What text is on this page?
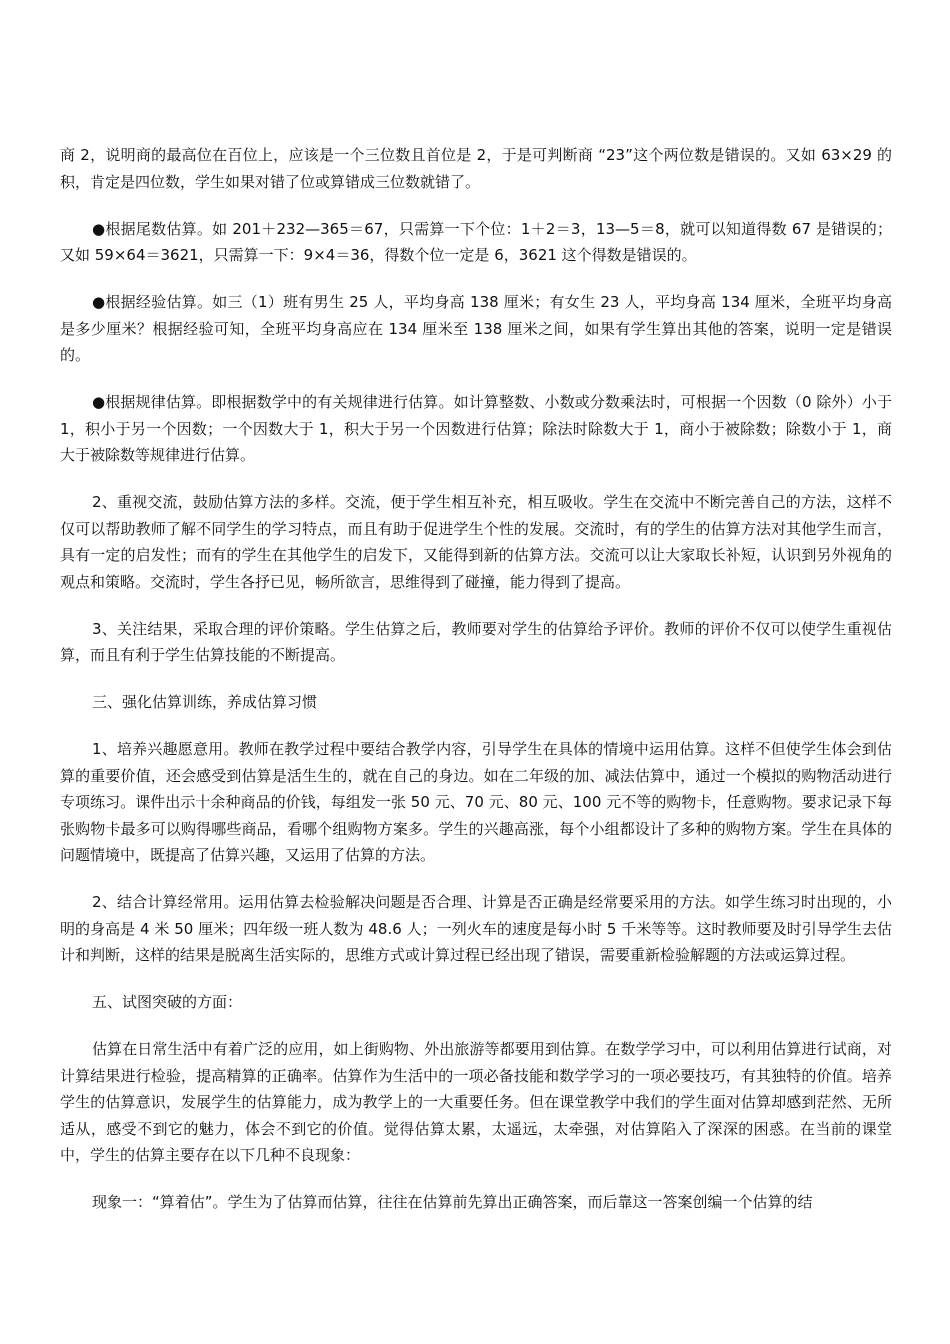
商 2，说明商的最高位在百位上，应该是一个三位数且首位是 2，于是可判断商 “23”这个两位数是错误的。又如 63×29 的积，肯定是四位数，学生如果对错了位或算错成三位数就错了。

●根据尾数估算。如 201＋232—365＝67，只需算一下个位：1＋2＝3，13—5＝8，就可以知道得数 67 是错误的；又如 59×64＝3621，只需算一下：9×4＝36，得数个位一定是 6，3621 这个得数是错误的。

●根据经验估算。如三（1）班有男生 25 人，平均身高 138 厘米；有女生 23 人，平均身高 134 厘米，全班平均身高是多少厘米？根据经验可知，全班平均身高应在 134 厘米至 138 厘米之间，如果有学生算出其他的答案，说明一定是错误的。

●根据规律估算。即根据数学中的有关规律进行估算。如计算整数、小数或分数乘法时，可根据一个因数（0 除外）小于 1，积小于另一个因数；一个因数大于 1，积大于另一个因数进行估算；除法时除数大于 1，商小于被除数；除数小于 1，商大于被除数等规律进行估算。

2、重视交流，鼓励估算方法的多样。交流，便于学生相互补充，相互吸收。学生在交流中不断完善自己的方法，这样不仅可以帮助教师了解不同学生的学习特点，而且有助于促进学生个性的发展。交流时，有的学生的估算方法对其他学生而言，具有一定的启发性；而有的学生在其他学生的启发下，又能得到新的估算方法。交流可以让大家取长补短，认识到另外视角的观点和策略。交流时，学生各抒已见，畅所欲言，思维得到了碰撞，能力得到了提高。

3、关注结果，采取合理的评价策略。学生估算之后，教师要对学生的估算给予评价。教师的评价不仅可以使学生重视估算，而且有利于学生估算技能的不断提高。

三、强化估算训练，养成估算习惯

1、培养兴趣愿意用。教师在教学过程中要结合教学内容，引导学生在具体的情境中运用估算。这样不但使学生体会到估算的重要价值，还会感受到估算是活生生的，就在自己的身边。如在二年级的加、减法估算中，通过一个模拟的购物活动进行专项练习。课件出示十余种商品的价钱，每组发一张 50 元、70 元、80 元、100 元不等的购物卡，任意购物。要求记录下每张购物卡最多可以购得哪些商品，看哪个组购物方案多。学生的兴趣高涨，每个小组都设计了多种的购物方案。学生在具体的问题情境中，既提高了估算兴趣，又运用了估算的方法。

2、结合计算经常用。运用估算去检验解决问题是否合理、计算是否正确是经常要采用的方法。如学生练习时出现的，小明的身高是 4 米 50 厘米；四年级一班人数为 48.6 人；一列火车的速度是每小时 5 千米等等。这时教师要及时引导学生去估计和判断，这样的结果是脱离生活实际的，思维方式或计算过程已经出现了错误，需要重新检验解题的方法或运算过程。

五、试图突破的方面：

估算在日常生活中有着广泛的应用，如上街购物、外出旅游等都要用到估算。在数学学习中，可以利用估算进行试商，对计算结果进行检验，提高精算的正确率。估算作为生活中的一项必备技能和数学学习的一项必要技巧，有其独特的价值。培养学生的估算意识，发展学生的估算能力，成为教学上的一大重要任务。但在课堂教学中我们的学生面对估算却感到茫然、无所适从，感受不到它的魅力，体会不到它的价值。觉得估算太累，太遥远，太牵强，对估算陷入了深深的困惑。在当前的课堂中，学生的估算主要存在以下几种不良现象：

现象一：“算着估”。学生为了估算而估算，往往在估算前先算出正确答案，而后靠这一答案创编一个估算的结
